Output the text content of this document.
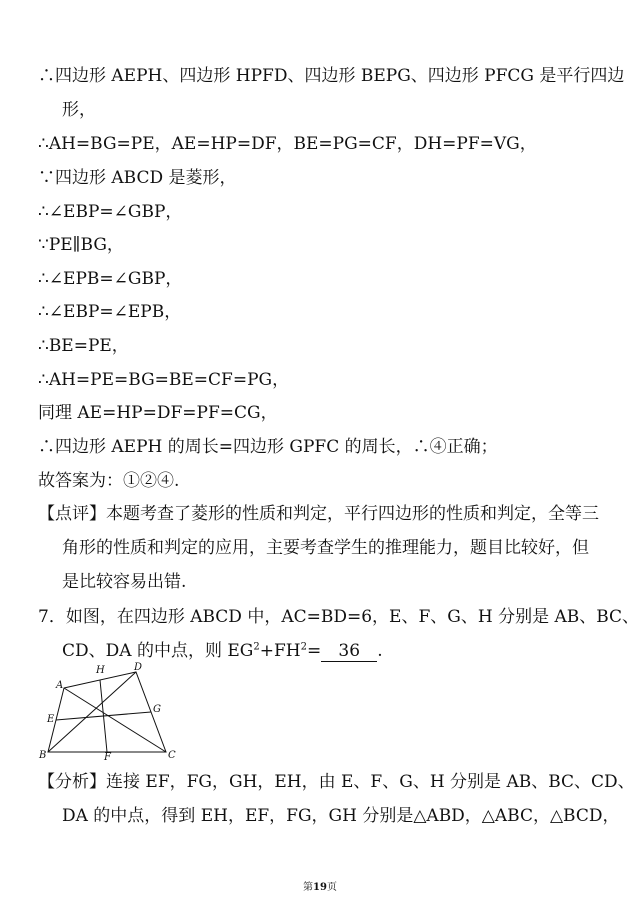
∴四边形 AEPH、四边形 HPFD、四边形 BEPG、四边形 PFCG 是平行四边
形，
∴AH=BG=PE，AE=HP=DF，BE=PG=CF，DH=PF=VG，
∵四边形 ABCD 是菱形，
∴∠EBP=∠GBP，
∵PE∥BG，
∴∠EPB=∠GBP，
∴∠EBP=∠EPB，
∴BE=PE，
∴AH=PE=BG=BE=CF=PG，
同理 AE=HP=DF=PF=CG，
∴四边形 AEPH 的周长=四边形 GPFC 的周长，∴④正确；
故答案为：①②④.
【点评】本题考查了菱形的性质和判定，平行四边形的性质和判定，全等三
角形的性质和判定的应用，主要考查学生的推理能力，题目比较好，但
是比较容易出错.
7．如图，在四边形 ABCD 中，AC=BD=6，E、F、G、H 分别是 AB、BC、
CD、DA 的中点，则 $EG^2+FH^2= 36$ .
A
B	C
D
E
F
G
H
【分析】连接 EF，FG，GH，EH，由 E、F、G、H 分别是 AB、BC、CD、
DA 的中点，得到 EH，EF，FG，GH 分别是△ABD，△ABC，△BCD，
第19页
